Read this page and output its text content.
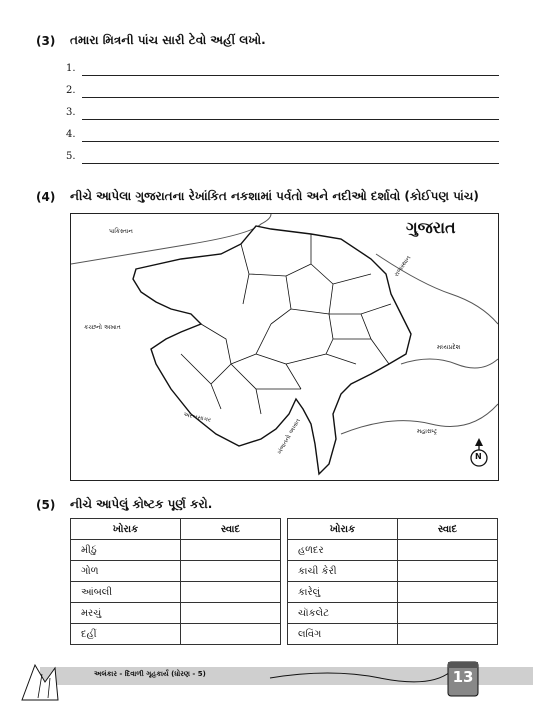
(3)	તમારા મિત્રની પાંચ સારી ટેવો અહીં લખો.
1.
2.
3.
4.
5.
(4)	નીચે આપેલા ગુજરાતના રેખાંકિત નકશામાં પર્વતો અને નદીઓ દર્શાવો (કોઈપણ પાંચ)
ગુજરાત
પાકિસ્તાન
રાજસ્થાન
કચ્છનો અખાત
મધ્યપ્રદેશ
અરબસાગર
ખંભાતનો અખાત	મહારાષ્ટ્ર
N
(5)	નીચે આપેલું કોષ્ટક પૂર્ણ કરો.
ખોરાક	સ્વાદ
મીઠું	
ગોળ	
આંબલી	
મરચું	
દહીં	
ખોરાક	સ્વાદ
હળદર	
કાચી કેરી	
કારેલું	
ચૉકલેટ	
લવિંગ	
અલંકાર - દિવાળી ગૃહકાર્ય (ધોરણ - 5)	13
